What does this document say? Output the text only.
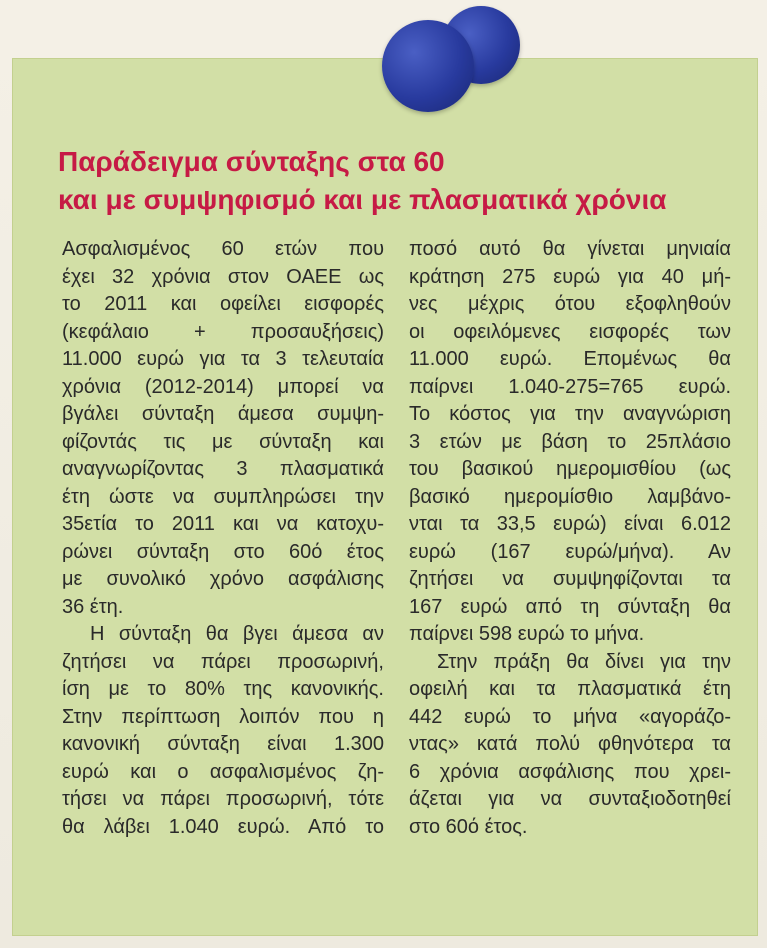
Παράδειγμα σύνταξης στα 60
και με συμψηφισμό και με πλασματικά χρόνια

Ασφαλισμένος 60 ετών που
έχει 32 χρόνια στον ΟΑΕΕ ως
το 2011 και οφείλει εισφορές
(κεφάλαιο + προσαυξήσεις)
11.000 ευρώ για τα 3 τελευταία
χρόνια (2012-2014) μπορεί να
βγάλει σύνταξη άμεσα συμψη-
φίζοντάς τις με σύνταξη και
αναγνωρίζοντας 3 πλασματικά
έτη ώστε να συμπληρώσει την
35ετία το 2011 και να κατοχυ-
ρώνει σύνταξη στο 60ό έτος
με συνολικό χρόνο ασφάλισης
36 έτη.

Η σύνταξη θα βγει άμεσα αν
ζητήσει να πάρει προσωρινή,
ίση με το 80% της κανονικής.
Στην περίπτωση λοιπόν που η
κανονική σύνταξη είναι 1.300
ευρώ και ο ασφαλισμένος ζη-
τήσει να πάρει προσωρινή, τότε
θα λάβει 1.040 ευρώ. Από το

ποσό αυτό θα γίνεται μηνιαία
κράτηση 275 ευρώ για 40 μή-
νες μέχρις ότου εξοφληθούν
οι οφειλόμενες εισφορές των
11.000 ευρώ. Επομένως θα
παίρνει 1.040-275=765 ευρώ.
Το κόστος για την αναγνώριση
3 ετών με βάση το 25πλάσιο
του βασικού ημερομισθίου (ως
βασικό ημερομίσθιο λαμβάνο-
νται τα 33,5 ευρώ) είναι 6.012
ευρώ (167 ευρώ/μήνα). Αν
ζητήσει να συμψηφίζονται τα
167 ευρώ από τη σύνταξη θα
παίρνει 598 ευρώ το μήνα.

Στην πράξη θα δίνει για την
οφειλή και τα πλασματικά έτη
442 ευρώ το μήνα «αγοράζο-
ντας» κατά πολύ φθηνότερα τα
6 χρόνια ασφάλισης που χρει-
άζεται για να συνταξιοδοτηθεί
στο 60ό έτος.
